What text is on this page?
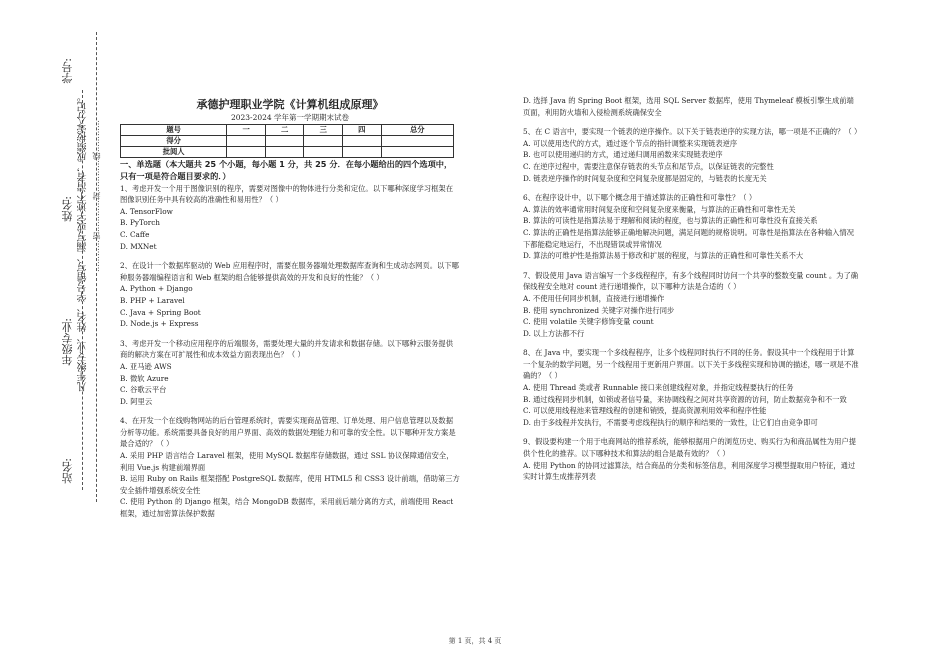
学号:
姓名:
年级专业:
站名:
凡年级专业、姓名、学号错写、漏写或字迹不清者，成绩按零分记。 …………密…………封…………线…………

承德护理职业学院《计算机组成原理》

2023-2024 学年第一学期期末试卷

题号	一	二	三	四	总分
得分					
批阅人					

一、单选题（本大题共 25 个小题，每小题 1 分，共 25 分．在每小题给出的四个选项中，只有一项是符合题目要求的．）

1、考虑开发一个用于图像识别的程序，需要对图像中的物体进行分类和定位。以下哪种深度学习框架在图像识别任务中具有较高的准确性和易用性？（ ）

A. TensorFlow

B. PyTorch

C. Caffe

D. MXNet

2、在设计一个数据库驱动的 Web 应用程序时，需要在服务器端处理数据库查询和生成动态网页。以下哪种服务器端编程语言和 Web 框架的组合能够提供高效的开发和良好的性能？（ ）

A. Python + Django

B. PHP + Laravel

C. Java + Spring Boot

D. Node.js + Express

3、考虑开发一个移动应用程序的后端服务，需要处理大量的并发请求和数据存储。以下哪种云服务提供商的解决方案在可扩展性和成本效益方面表现出色？（ ）

A. 亚马逊 AWS

B. 微软 Azure

C. 谷歌云平台

D. 阿里云

4、在开发一个在线购物网站的后台管理系统时，需要实现商品管理、订单处理、用户信息管理以及数据分析等功能。系统需要具备良好的用户界面、高效的数据处理能力和可靠的安全性。以下哪种开发方案是最合适的？（ ）

A. 采用 PHP 语言结合 Laravel 框架，使用 MySQL 数据库存储数据，通过 SSL 协议保障通信安全，利用 Vue.js 构建前端界面

B. 运用 Ruby on Rails 框架搭配 PostgreSQL 数据库，使用 HTML5 和 CSS3 设计前端，借助第三方安全插件增强系统安全性

C. 使用 Python 的 Django 框架，结合 MongoDB 数据库，采用前后端分离的方式，前端使用 React 框架，通过加密算法保护数据

D. 选择 Java 的 Spring Boot 框架，选用 SQL Server 数据库，使用 Thymeleaf 模板引擎生成前端页面，利用防火墙和入侵检测系统确保安全

5、在 C 语言中，要实现一个链表的逆序操作。以下关于链表逆序的实现方法，哪一项是不正确的？（ ）

A. 可以使用迭代的方式，通过逐个节点的指针调整来实现链表逆序

B. 也可以使用递归的方式，通过递归调用函数来实现链表逆序

C. 在逆序过程中，需要注意保存链表的头节点和尾节点，以保证链表的完整性

D. 链表逆序操作的时间复杂度和空间复杂度都是固定的，与链表的长度无关

6、在程序设计中，以下哪个概念用于描述算法的正确性和可靠性？（ ）

A. 算法的效率通常用时间复杂度和空间复杂度来衡量，与算法的正确性和可靠性无关

B. 算法的可读性是指算法易于理解和阅读的程度，也与算法的正确性和可靠性没有直接关系

C. 算法的正确性是指算法能够正确地解决问题，满足问题的规格说明。可靠性是指算法在各种输入情况下都能稳定地运行，不出现错误或异常情况

D. 算法的可维护性是指算法易于修改和扩展的程度，与算法的正确性和可靠性关系不大

7、假设使用 Java 语言编写一个多线程程序，有多个线程同时访问一个共享的整数变量 count 。为了确保线程安全地对 count 进行递增操作，以下哪种方法是合适的（ ）

A. 不使用任何同步机制，直接进行递增操作

B. 使用 synchronized 关键字对操作进行同步

C. 使用 volatile 关键字修饰变量 count

D. 以上方法都不行

8、在 Java 中，要实现一个多线程程序，让多个线程同时执行不同的任务。假设其中一个线程用于计算一个复杂的数学问题，另一个线程用于更新用户界面。以下关于多线程实现和协调的描述，哪一项是不准确的？（ ）

A. 使用 Thread 类或者 Runnable 接口来创建线程对象，并指定线程要执行的任务

B. 通过线程同步机制，如锁或者信号量，来协调线程之间对共享资源的访问，防止数据竞争和不一致

C. 可以使用线程池来管理线程的创建和销毁，提高资源利用效率和程序性能

D. 由于多线程并发执行，不需要考虑线程执行的顺序和结果的一致性，让它们自由竞争即可

9、假设要构建一个用于电商网站的推荐系统，能够根据用户的浏览历史、购买行为和商品属性为用户提供个性化的推荐。以下哪种技术和算法的组合是最有效的？（ ）

A. 使用 Python 的协同过滤算法，结合商品的分类和标签信息，利用深度学习模型提取用户特征，通过实时计算生成推荐列表

第 1 页，共 4 页
